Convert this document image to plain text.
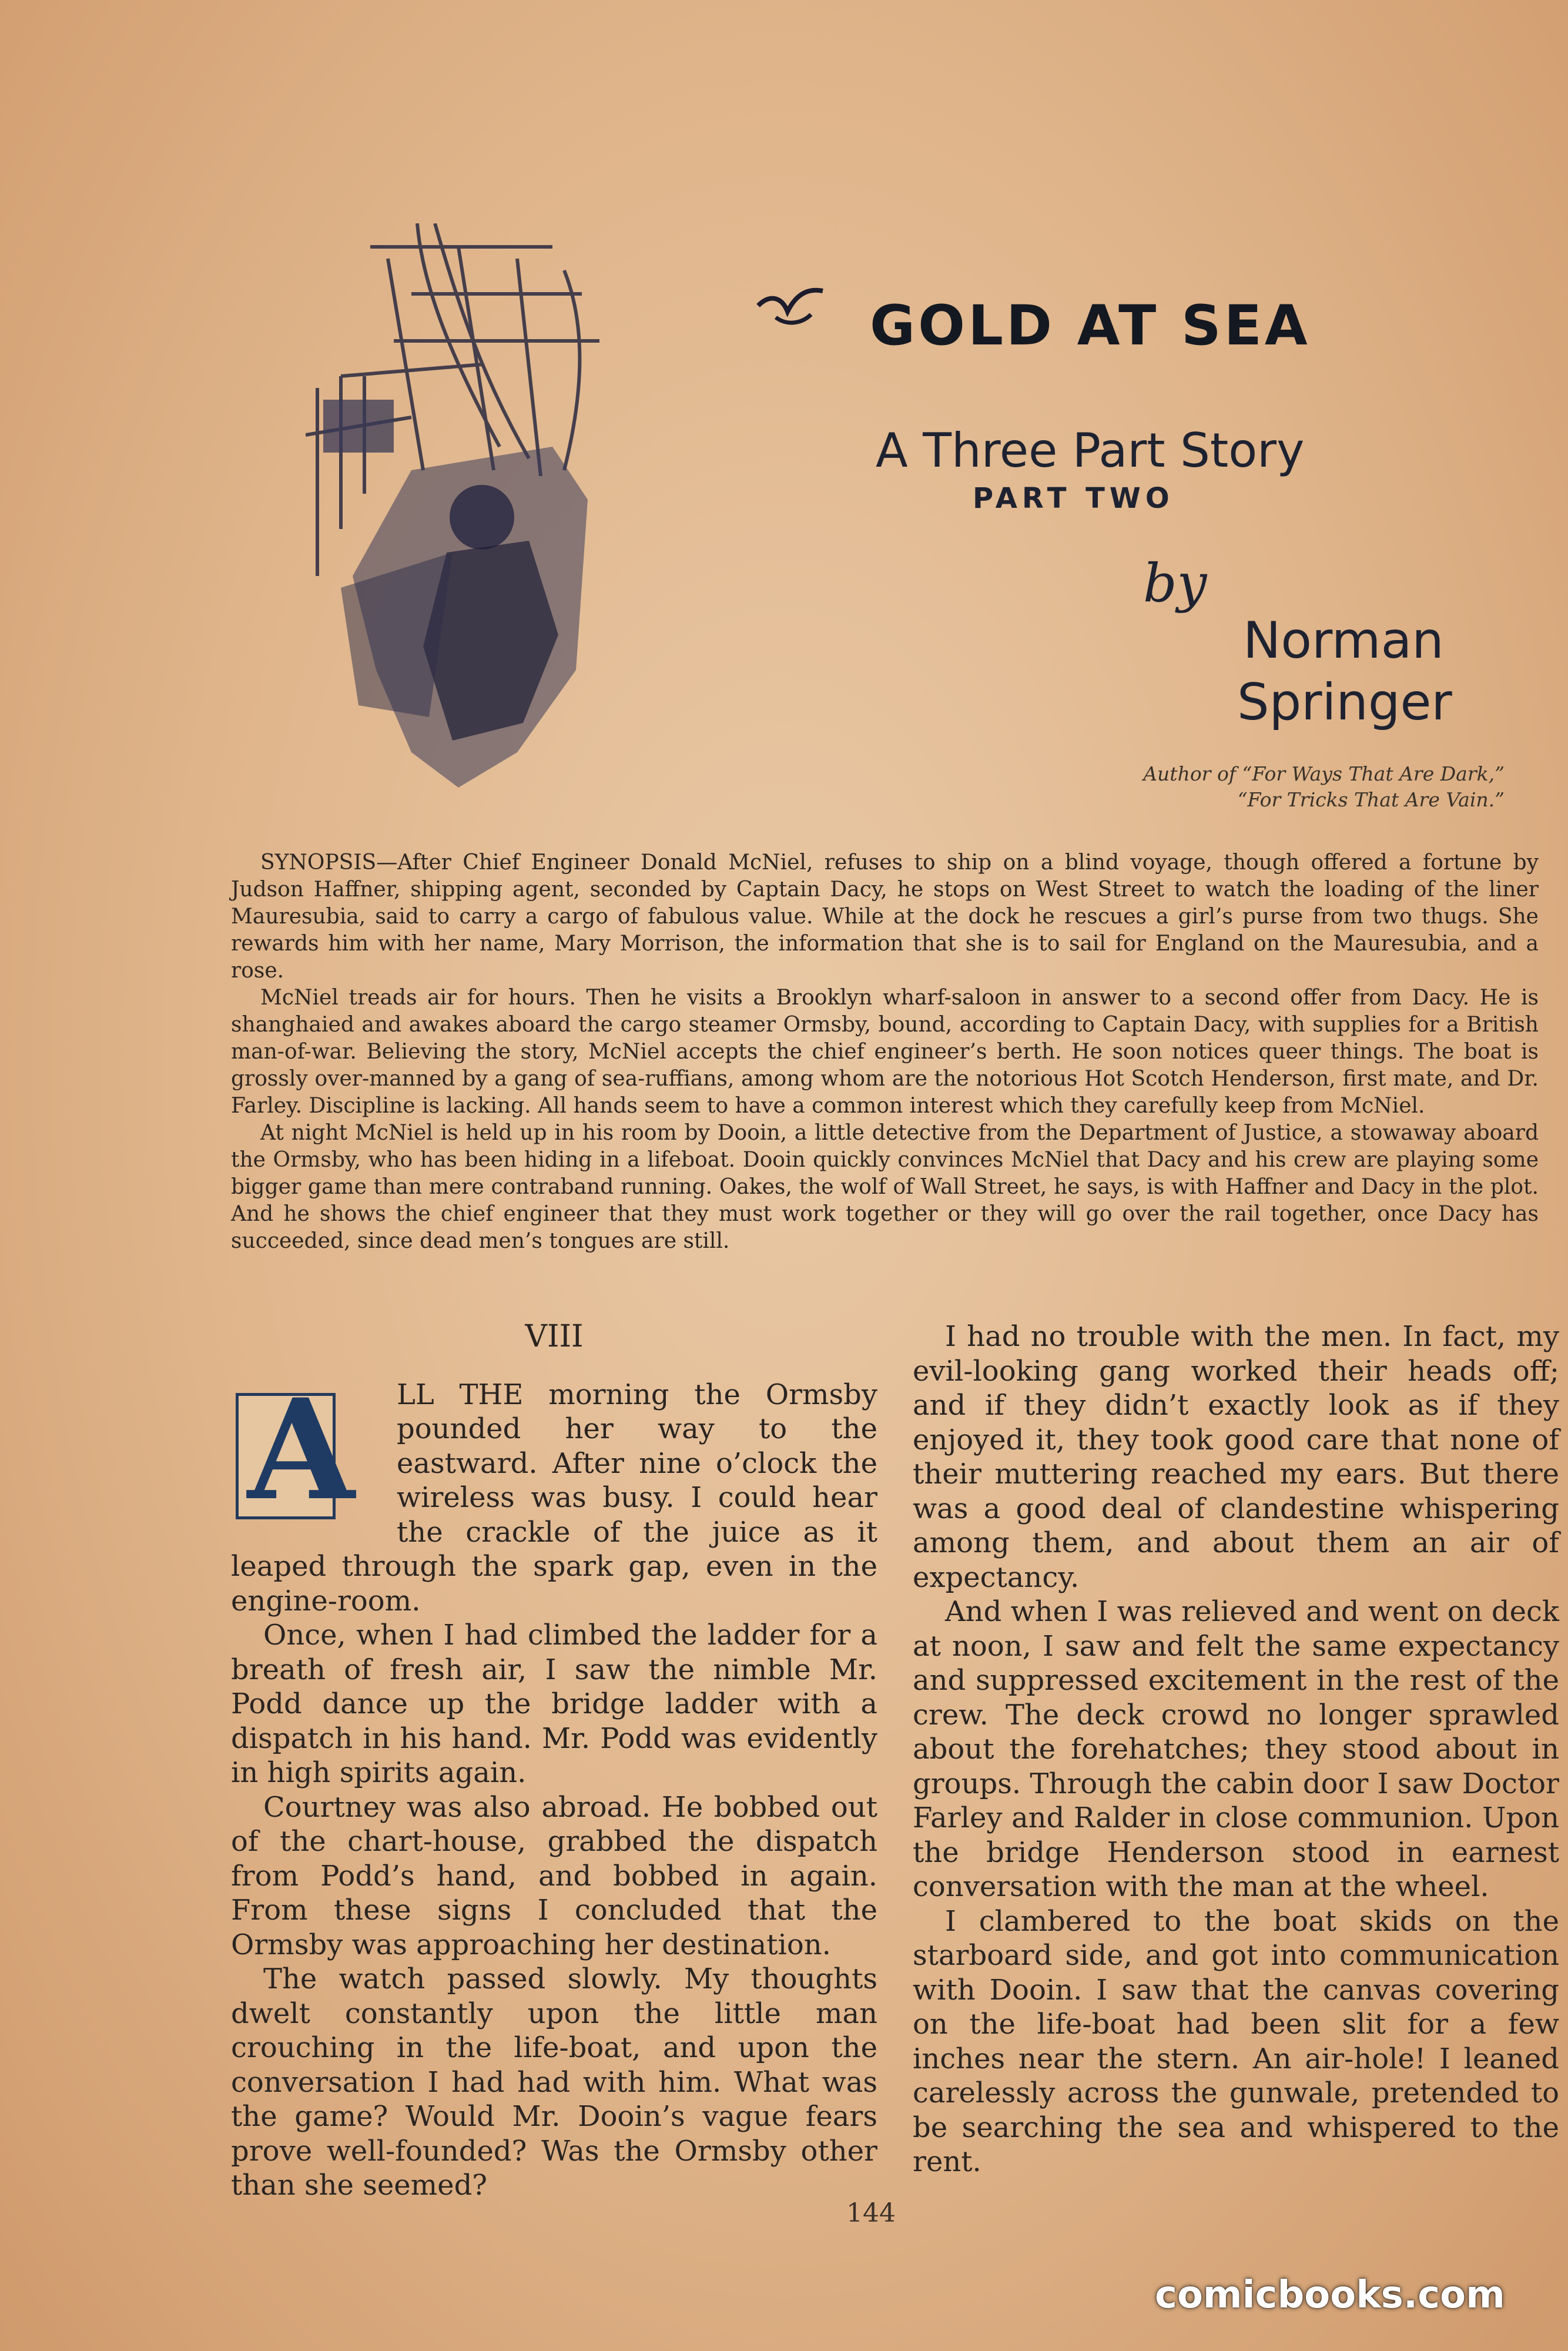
GOLD AT SEA
A Three Part Story
PART TWO
by
Norman
Springer
Author of “For Ways That Are Dark,”
“For Tricks That Are Vain.”

SYNOPSIS—After Chief Engineer Donald McNiel, refuses to ship on a blind voyage, though offered a fortune by Judson Haffner, shipping agent, seconded by Captain Dacy, he stops on West Street to watch the loading of the liner Mauresubia, said to carry a cargo of fabulous value. While at the dock he rescues a girl’s purse from two thugs. She rewards him with her name, Mary Morrison, the information that she is to sail for England on the Mauresubia, and a rose.

McNiel treads air for hours. Then he visits a Brooklyn wharf-saloon in answer to a second offer from Dacy. He is shanghaied and awakes aboard the cargo steamer Ormsby, bound, according to Captain Dacy, with supplies for a British man-of-war. Believing the story, McNiel accepts the chief engineer’s berth. He soon notices queer things. The boat is grossly over-manned by a gang of sea-ruffians, among whom are the notorious Hot Scotch Henderson, first mate, and Dr. Farley. Discipline is lacking. All hands seem to have a common interest which they carefully keep from McNiel.

At night McNiel is held up in his room by Dooin, a little detective from the Department of Justice, a stowaway aboard the Ormsby, who has been hiding in a lifeboat. Dooin quickly convinces McNiel that Dacy and his crew are playing some bigger game than mere contraband running. Oakes, the wolf of Wall Street, he says, is with Haffner and Dacy in the plot. And he shows the chief engineer that they must work together or they will go over the rail together, once Dacy has succeeded, since dead men’s tongues are still.

VIII
A	LL THE morning the Ormsby pounded her way to the eastward. After nine o’clock the wireless was busy. I could hear the crackle of the juice as it leaped through the spark gap, even in the engine-room.

Once, when I had climbed the ladder for a breath of fresh air, I saw the nimble Mr. Podd dance up the bridge ladder with a dispatch in his hand. Mr. Podd was evidently in high spirits again.

Courtney was also abroad. He bobbed out of the chart-house, grabbed the dispatch from Podd’s hand, and bobbed in again. From these signs I concluded that the Ormsby was approaching her destination.

The watch passed slowly. My thoughts dwelt constantly upon the little man crouching in the life-boat, and upon the conversation I had had with him. What was the game? Would Mr. Dooin’s vague fears prove well-founded? Was the Ormsby other than she seemed?

I had no trouble with the men. In fact, my evil-looking gang worked their heads off; and if they didn’t exactly look as if they enjoyed it, they took good care that none of their muttering reached my ears. But there was a good deal of clandestine whispering among them, and about them an air of expectancy.

And when I was relieved and went on deck at noon, I saw and felt the same expectancy and suppressed excitement in the rest of the crew. The deck crowd no longer sprawled about the forehatches; they stood about in groups. Through the cabin door I saw Doctor Farley and Ralder in close communion. Upon the bridge Henderson stood in earnest conversation with the man at the wheel.

I clambered to the boat skids on the starboard side, and got into communication with Dooin. I saw that the canvas covering on the life-boat had been slit for a few inches near the stern. An air-hole! I leaned carelessly across the gunwale, pretended to be searching the sea and whispered to the rent.

144
comicbooks.com
